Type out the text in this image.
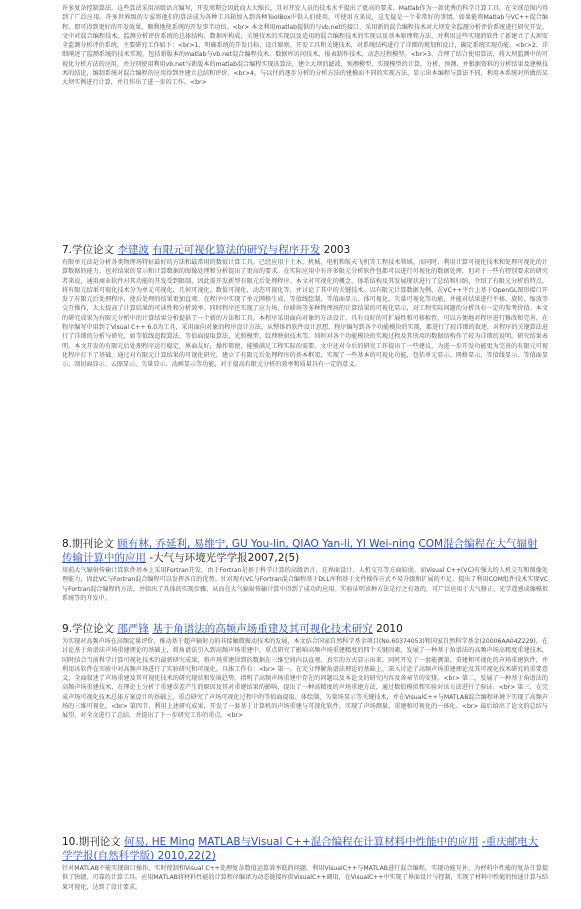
许多复杂控制算法。这些算法采用高级语言编写，开发周期会因此而大大缩长，且对开发人员的技术水平提出了更高的要求。Matlab作为一款优秀的科学计算工具，在全球范围内得到了广泛应用。许多世界级的专家将他们的算法成为各种工具箱加入到各种ToolBox中供人们使用，可使用方来说，这无疑是一个非常好的事情。如果能将Matlab与VC++混合编程，即可得到更好的开发效果，顺利地使系统的开发事半功倍。<br> 本文利用matlab提供的与vb.net的接口，采用新的混合编程技术对大坝安全监测分析评价系统进行研究开发。文中对混合编程技术、监测分析评价系统的总体结构、数据库构成、关键技术的实现以及适用的混合编程技术的实现以及基本原理和方法，并利用这些实现的软件了新建立了大坝安全监测分析评价系统。主要研究工作如下：<br>1、明确系统的开发目标、设计原则、开发工具和关键技术，对系统结构进行了详细的规划和设计，确定系统实现功能。<br>2、详细阐述了监测系统的技术实现，包括新版本的matlab与vb.net混合编程技术、数据库访问技术、报表制作技术、动态过程模型。<br>3、合理了结合使用算法，将大坝监测中的可视化分析方法的应用，并分别使用利用vb.net与新版本的matlab混合编程实现该算法，建立大坝的滤波、预测模型，实现模型的计算、分析、预测、并根据资料的分析结果及建模技术的结论，编制系统对混合编程的应用得到并建立总结和评价。<br>4、与以往的逐步分析的分析方法的建模而不同的实现方法，显示出本编程与算法不同，利用本系统对所做的某大坝实例进行计算，并且作出了进一步的工作。<br>

7.学位论文 李建波 有限元可视化算法的研究与程序开发 2003

有限单元法是分析各类物理场特征最好的方法和最常用的数值计算工具，已经应用于土木、机械、电机和航天飞机等工程技术领域。而同时，利用计算可视化技术和处理可视化的计算数据的能力，也对结果的显示和计算数据的图像处理和分析提出了更高的要求。在实际应用中有许多限元分析软件包都可以进行可视化的数据处理，但对于一些有特别要求的研究者来说，通用商业软件对其功能的开发受到限制，因此需开发新型有限元后处理程序。本文对可视化的概念、体系结构及其发展现状进行了总结和归纳，介绍了有限元分析的特点，将有限元结果可视化技术分为单元可视化、几何可视化、数值可视化、动态可视化等，并讨论了其中的关键技术。以有限元计算数据为例，在VC++平台上基于OpenGL图形接口开发了有限元后处理程序，使后处理的结果更加直观。在程序中实现了单元网格生成、等值线绘制、等值面显示、体可视化、矢量可视化等功能，并能对结果进行平移、旋转、缩放等交互操作，大大提高了计算结果的可读性和分析效率。同时程序还实现了应力场、位移场等多种物理场的计算结果的可视化显示，对工程实际问题的分析具有一定的参考价值。本文的研究成果为有限元分析中的计算结果分析提供了一个新的方法和工具。本程序采用面向对象的方法设计，具有良好的可扩展性和可移植性，可以方便地对程序进行修改和完善。在程序编写中用到了Visual C++ 6.0为工具，采用面向对象的程序设计方法，从整体的软件设计思想、程序编写到各个功能模块的实现，都进行了较详细的叙述，对程序的关键算法进行了详细的分析与研究，如等值线追踪算法、等值面提取算法、光照模型、纹理映射技术等。同时对各个功能模块的实现过程及其所用的数据结构作了较为详细的说明。研究结果表明，本文开发的有限元后处理程序运行稳定，界面友好，操作简便，能够满足工程实际的需要。文中还对今后的研究工作提出了一些建议，为进一步开发功能更为完善的有限元可视化程序打下了基础。通过对有限元计算结果的可视化研究，建立了有限元后处理程序的基本框架，实现了一些基本的可视化功能，包括单元显示、网格显示、等值线显示、等值面显示、剖切面显示、云图显示、矢量显示、动画显示等功能，对于提高有限元分析的效率和质量具有一定的意义。

8.期刊论文 顾有林, 乔延利, 易维宁, GU You-lin, QIAO Yan-li, YI Wei-ning COM混合编程在大气辐射传输计算中的应用 -大气与环境光学学报2007,2(5)

用前大气辐射传输计算软件基本上采用Fortran开发，由于Fortran是基于科学计算的高级语言，在界面设计、人机交互等方面较弱，而Visual C++(VC)有强大的人机交互和图像处理能力，因此VC与Fortran混合编程可以发挥各自的优势。针对现有VC与Fortran混合编程基于DLL库和基于文件操作方式不易升级和扩展的不足，提出了利用COM组件技术实现VC与Fortran混合编程的方法，并给出了具体的实现步骤，从而在大气辐射传输计算中得到了成功的应用。实验证明该种方法是行之有效的，可广泛应用于大气修正、光学遥感成像模拟系统等的开发中。

9.学位论文 邵严锋 基于角谱法的高频声场重建及其可视化技术研究 2010

为实现对高频声场在高频定量评价，推动基于超声辐射力的非接触微振动技术的发展，本文结合国家自然科学基金项目(No.60374053)和国家自然科学基金(20006AA04Z229)，在讨论基于角谱法声场重建理论的基础上，将角谱法引入到高频声场重建中，重点研究了影响高频声场重建精度的四个关键因素，发展了一种基于角谱法的高频声场高精度重建技术，同时结合当前科学计算可视化技术的最新研究成果，将声场重建得到的数据在三维空间内以直观、真实的方式显示出来。同时开发了一套能测量、重建和可视化的声场重建软件，并利用该软件在实验中对高频声场进行了实验研究和可视化。具体工作有：<br> 第一，在充分理解角谱法理论的基础上，深入讨论了高频声场重建理论及其可视化技术研究的重要意义，全面叙述了声场重建及其可视化技术的研究现状和发展趋势，指明了高频声场重建中存在的问题以及本论文的研究内容及各章节的安排。<br> 第二，发展了一种基于角谱法的高频声场重建技术，在理论上分析了重建误差产生的原因及其对重建结果的影响，提出了一种高精度的声场重建方法，通过数值模拟和实验对该方法进行了验证。<br> 第三，在完成声场可视化技术总体方案设计的基础上，重点研究了声场可视化过程中的等值面提取、体绘制、矢量场显示等关键技术，并在VisualC++与MATLAB混合编程环境下实现了高频声场的三维可视化。<br> 第四节，利用上述研究成果，开发了一套基于计算机的声场重建与可视化软件，实现了声场测量、重建和可视化的一体化。<br> 最后给出了论文的总结与展望，对全文进行了总结，并提出了下一步研究工作的重点。<br>

10.期刊论文 何易, HE Ming MATLAB与Visual C++混合编程在计算材料中性能中的应用 -重庆邮电大学学报(自然科学版) 2010,22(2)

针对MATLAB不能实现窗口操作、实时控制和Visual C++处理复杂数值运算效率低的问题，利用VisualC++与MATLAB进行混合编程，实现功能互补，为材料中性能的复杂计算提供了快捷、可靠的计算工具。应用MATLAB将材料性能的计算程序编译为动态链接库供VisualC++调用，在VisualC++中实现了界面设计与控制，实现了材料中性能的快速计算与结果可视化，达到了设计要求。
